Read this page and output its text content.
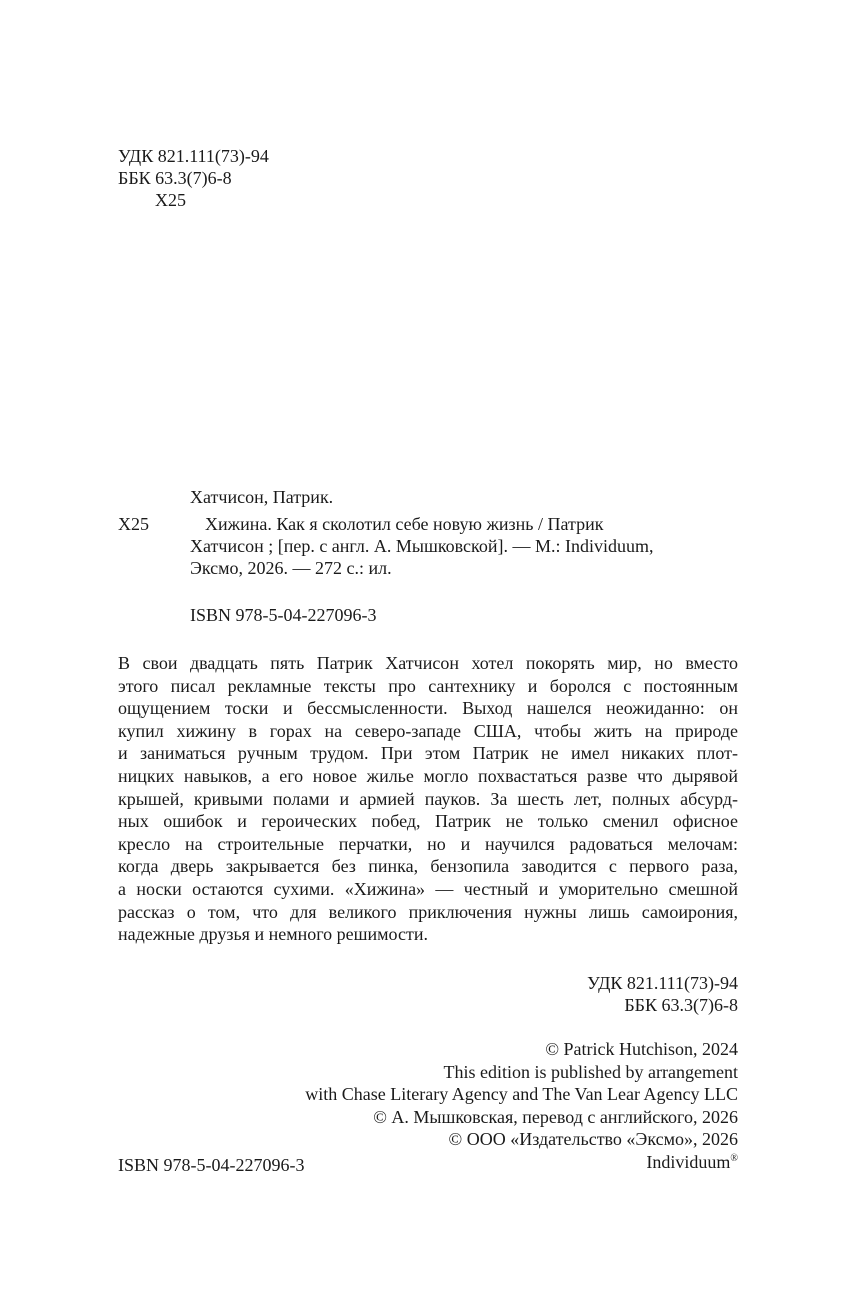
УДК 821.111(73)-94
ББК 63.3(7)6-8
Х25
Хатчисон, Патрик.
Х25	Хижина. Как я сколотил себе новую жизнь / Патрик
Хатчисон ; [пер. с англ. А. Мышковской]. — М.: Individuum,
Эксмо, 2026. — 272 с.: ил.
ISBN 978-5-04-227096-3
В свои двадцать пять Патрик Хатчисон хотел покорять мир, но вместо
этого писал рекламные тексты про сантехнику и боролся с постоянным
ощущением тоски и бессмысленности. Выход нашелся неожиданно: он
купил хижину в горах на северо-западе США, чтобы жить на природе
и заниматься ручным трудом. При этом Патрик не имел никаких плот-
ницких навыков, а его новое жилье могло похвастаться разве что дырявой
крышей, кривыми полами и армией пауков. За шесть лет, полных абсурд-
ных ошибок и героических побед, Патрик не только сменил офисное
кресло на строительные перчатки, но и научился радоваться мелочам:
когда дверь закрывается без пинка, бензопила заводится с первого раза,
а носки остаются сухими. «Хижина» — честный и уморительно смешной
рассказ о том, что для великого приключения нужны лишь самоирония,
надежные друзья и немного решимости.
УДК 821.111(73)-94
ББК 63.3(7)6-8
© Patrick Hutchison, 2024
This edition is published by arrangement
with Chase Literary Agency and The Van Lear Agency LLC
© А. Мышковская, перевод с английского, 2026
© ООО «Издательство «Эксмо», 2026
Individuum®
ISBN 978-5-04-227096-3
